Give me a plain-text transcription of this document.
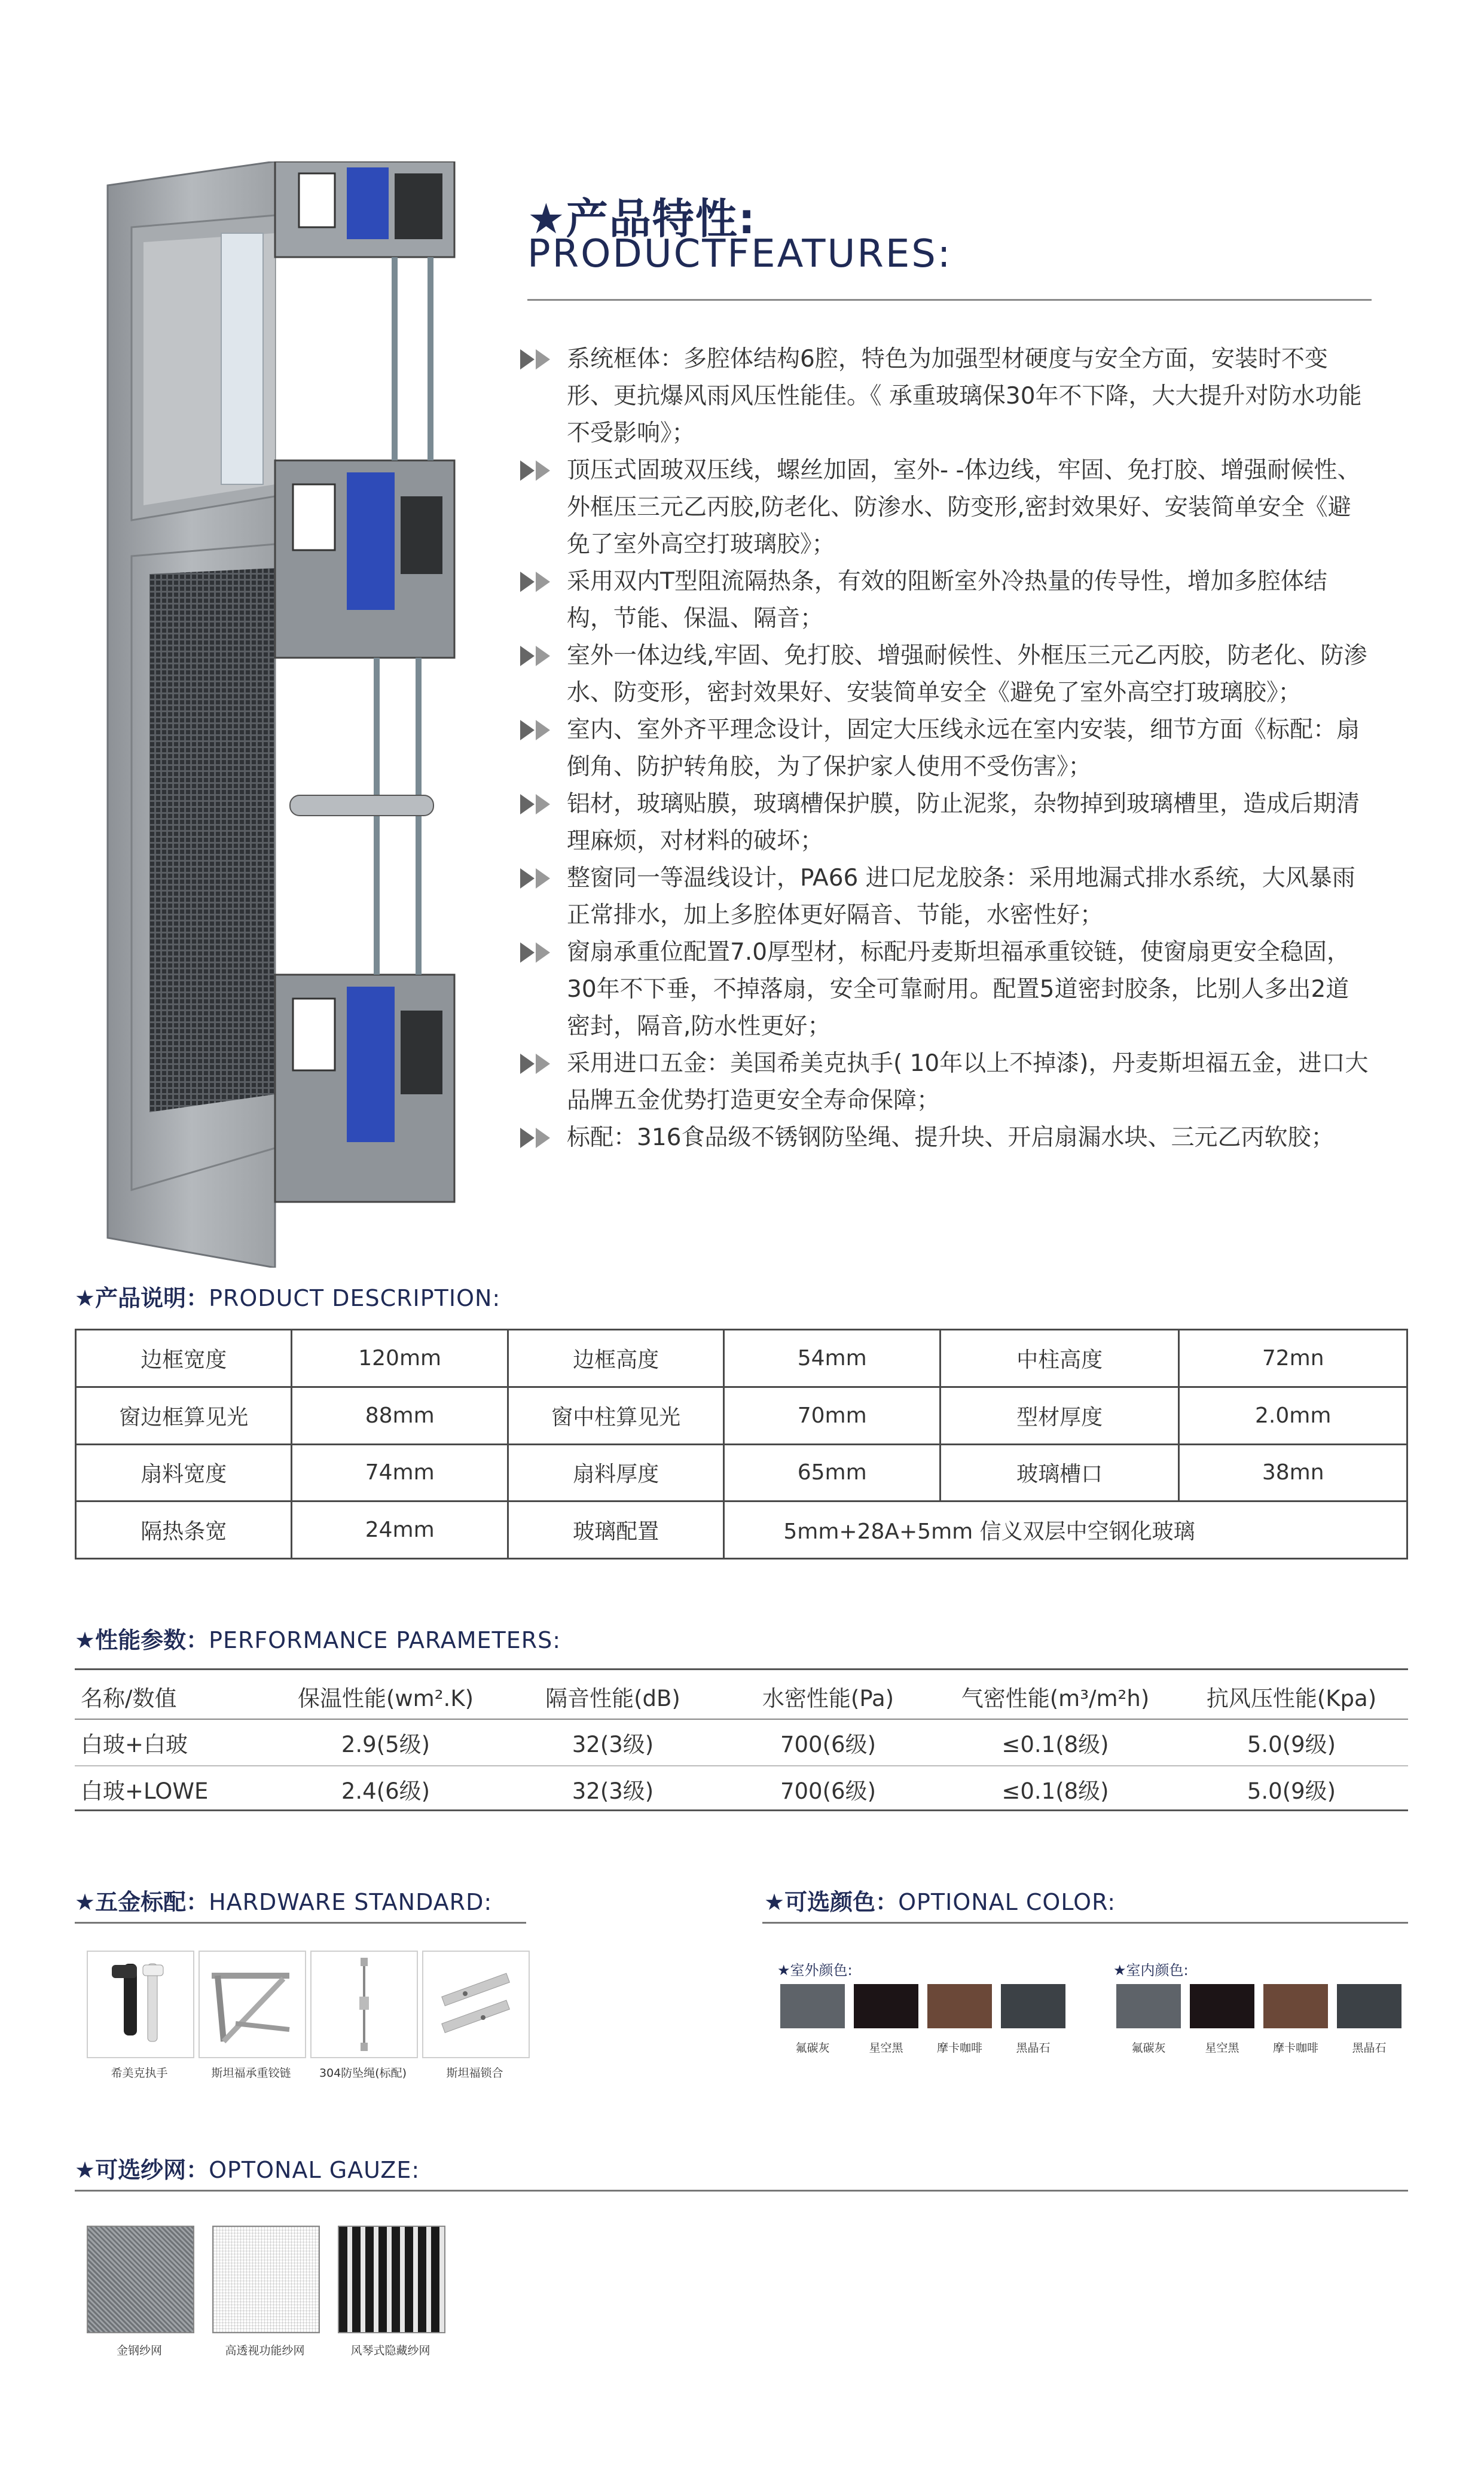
★产品特性:
PRODUCTFEATURES:
系统框体：多腔体结构6腔，特色为加强型材硬度与安全方面，安装时不变形、更抗爆风雨风压性能佳。《 承重玻璃保30年不下降，大大提升对防水功能不受影响》；
顶压式固玻双压线，螺丝加固，室外- -体边线，牢固、免打胶、增强耐候性、外框压三元乙丙胶,防老化、防渗水、防变形,密封效果好、安装简单安全《避免了室外高空打玻璃胶》；
采用双内T型阻流隔热条，有效的阻断室外冷热量的传导性，增加多腔体结构，节能、保温、隔音；
室外一体边线,牢固、免打胶、增强耐候性、外框压三元乙丙胶，防老化、防渗水、防变形，密封效果好、安装简单安全《避免了室外高空打玻璃胶》；
室内、室外齐平理念设计，固定大压线永远在室内安装，细节方面《标配：扇倒角、防护转角胶，为了保护家人使用不受伤害》；
铝材，玻璃贴膜，玻璃槽保护膜，防止泥浆，杂物掉到玻璃槽里，造成后期清理麻烦，对材料的破坏；
整窗同一等温线设计，PA66 进口尼龙胶条：采用地漏式排水系统，大风暴雨正常排水，加上多腔体更好隔音、节能，水密性好；
窗扇承重位配置7.0厚型材，标配丹麦斯坦福承重铰链，使窗扇更安全稳固，30年不下垂，不掉落扇，安全可靠耐用。配置5道密封胶条，比别人多出2道密封，隔音,防水性更好；
采用进口五金：美国希美克执手( 10年以上不掉漆)，丹麦斯坦福五金，进口大品牌五金优势打造更安全寿命保障；
标配：316食品级不锈钢防坠绳、提升块、开启扇漏水块、三元乙丙软胶；
★产品说明：PRODUCT DESCRIPTION:
边框宽度	120mm	边框高度	54mm	中柱高度	72mn
窗边框算见光	88mm	窗中柱算见光	70mm	型材厚度	2.0mm
扇料宽度	74mm	扇料厚度	65mm	玻璃槽口	38mn
隔热条宽	24mm	玻璃配置	5mm+28A+5mm 信义双层中空钢化玻璃		
★性能参数：PERFORMANCE PARAMETERS:
名称/数值	保温性能(wm².K)	隔音性能(dB)	水密性能(Pa)	气密性能(m³/m²h)	抗风压性能(Kpa)
白玻+白玻	2.9(5级)	32(3级)	700(6级)	≤0.1(8级)	5.0(9级)
白玻+LOWE	2.4(6级)	32(3级)	700(6级)	≤0.1(8级)	5.0(9级)
★五金标配：HARDWARE STANDARD:
希美克执手	斯坦福承重铰链	304防坠绳(标配)	斯坦福锁合
★可选颜色：OPTIONAL COLOR:
★室外颜色:
氟碳灰	星空黑	摩卡咖啡	黑晶石
★室内颜色:
氟碳灰	星空黑	摩卡咖啡	黑晶石
★可选纱网：OPTONAL GAUZE:
金钢纱网	高透视功能纱网	风琴式隐藏纱网
